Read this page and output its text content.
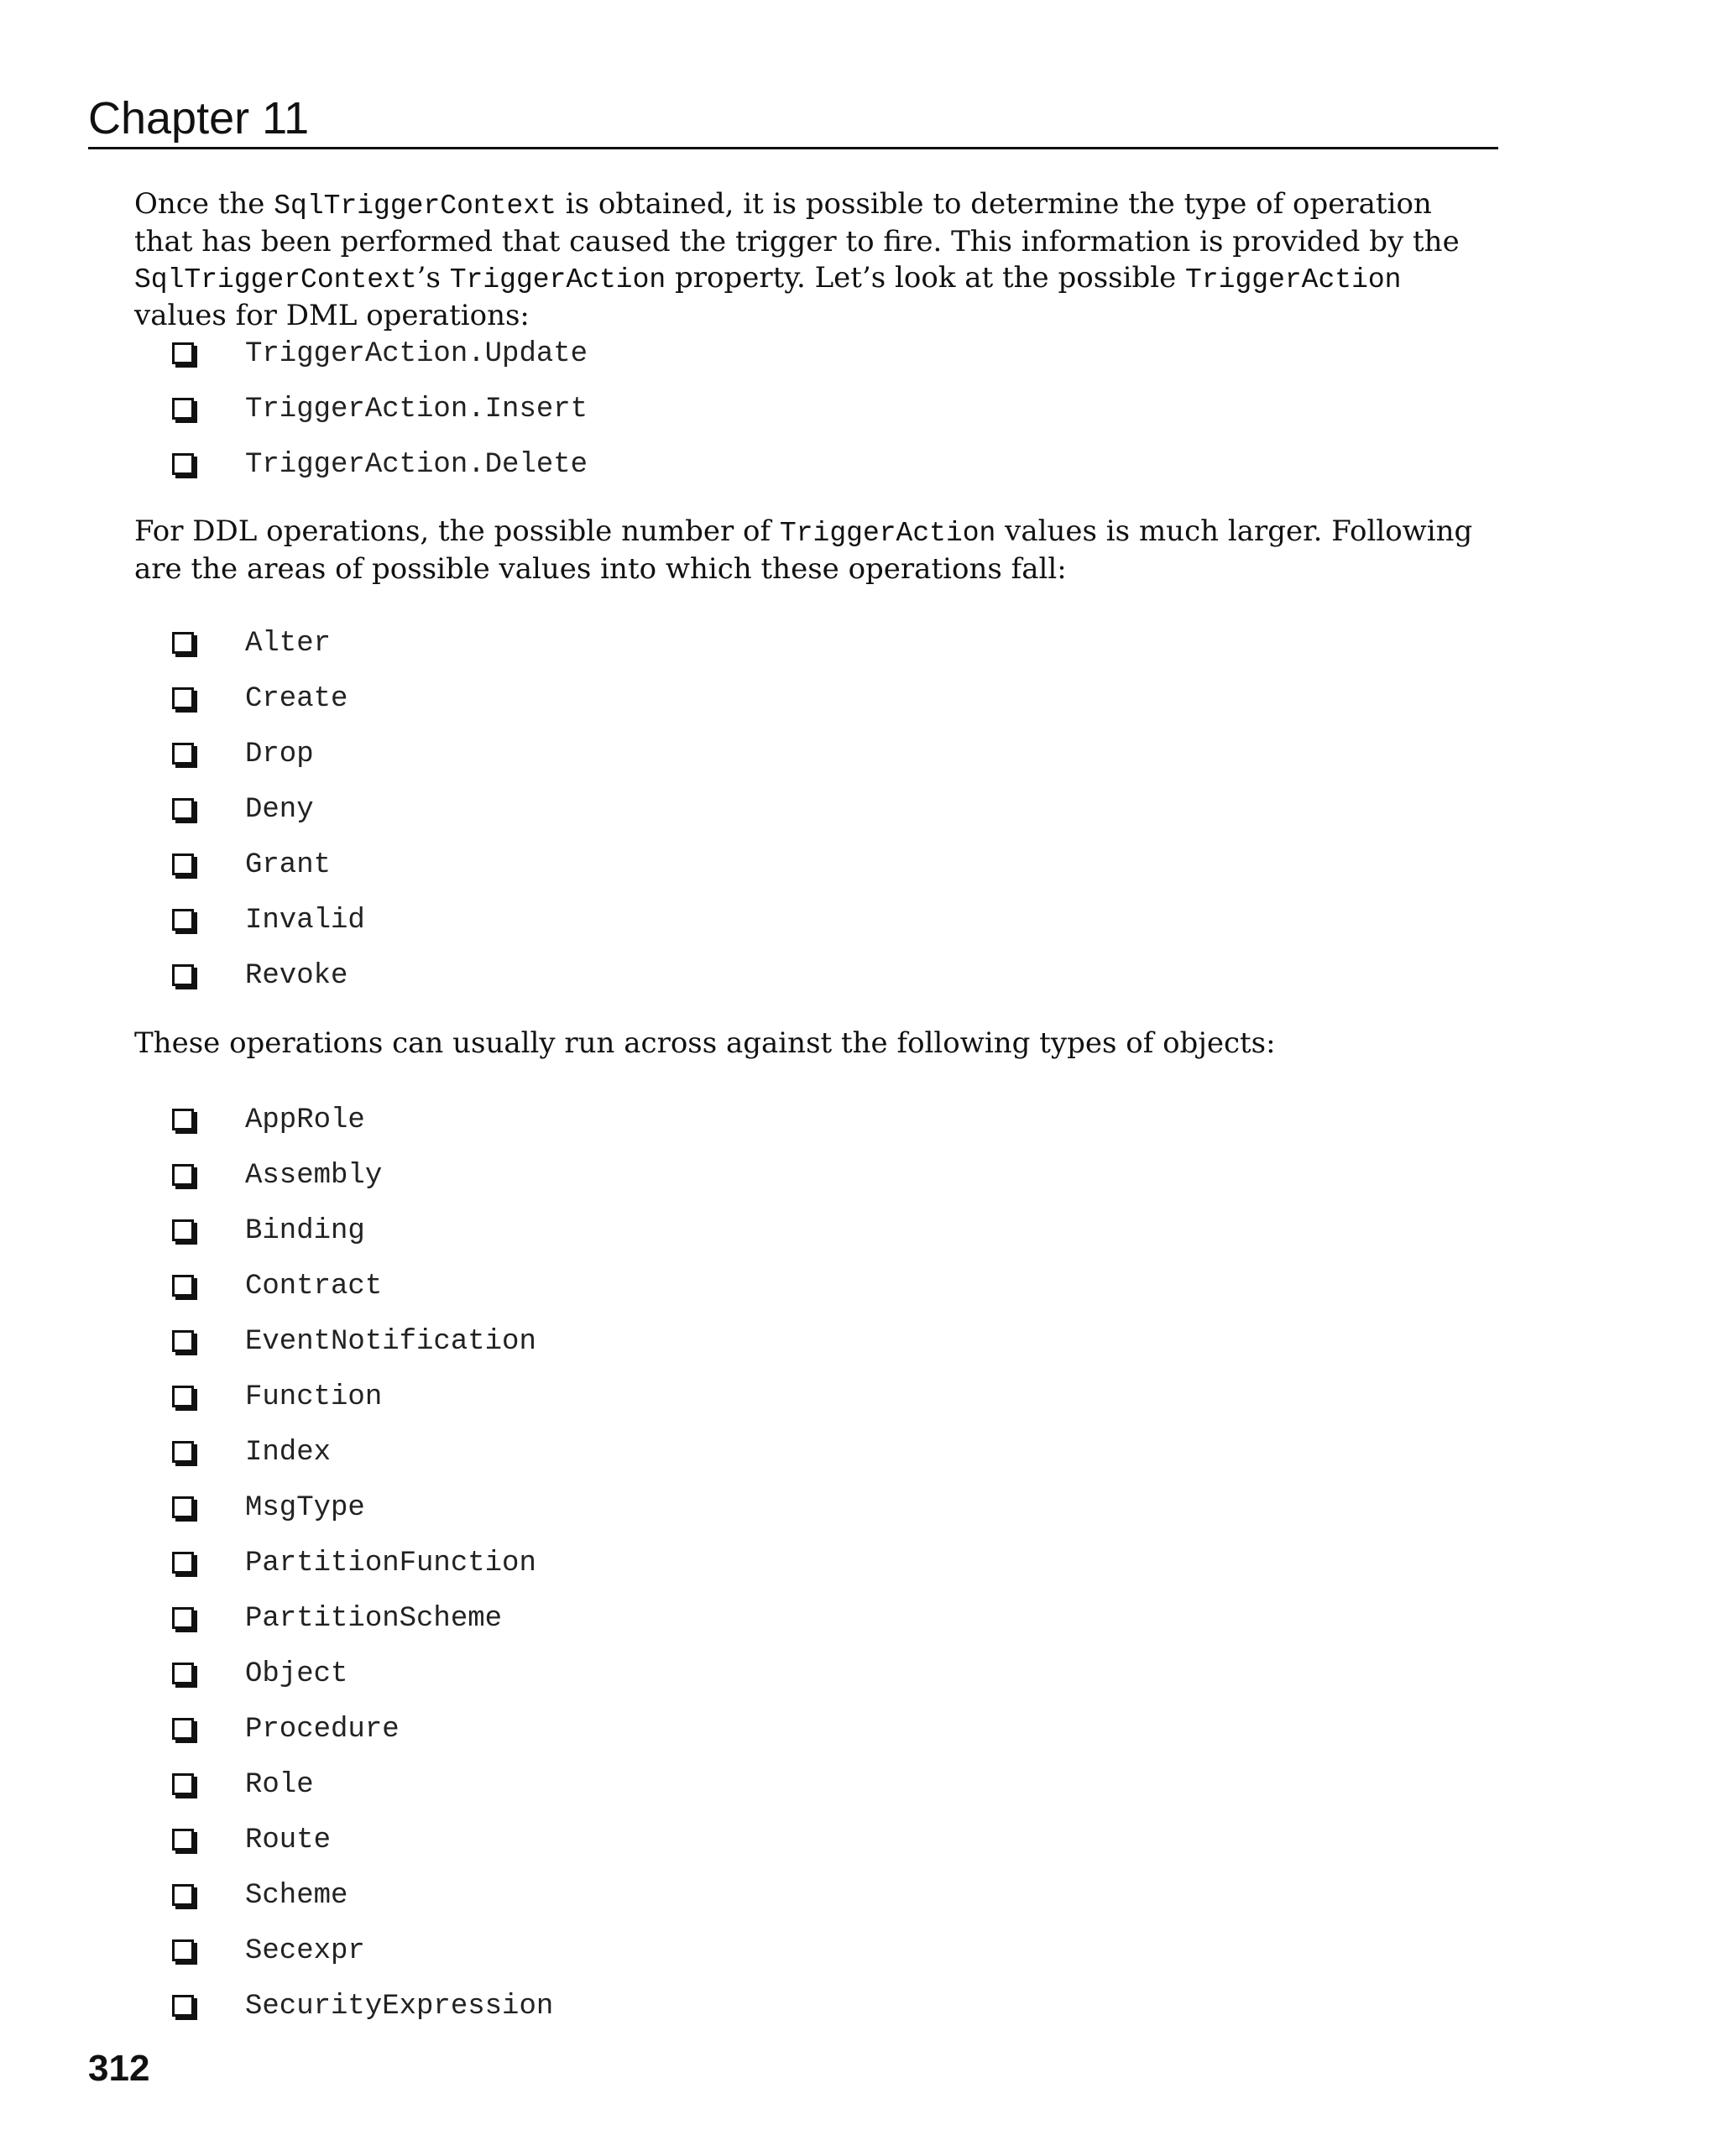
Chapter 11

Once the SqlTriggerContext is obtained, it is possible to determine the type of operation that has been performed that caused the trigger to fire. This information is provided by the SqlTriggerContext’s TriggerAction property. Let’s look at the possible TriggerAction values for DML operations:

TriggerAction.Update
TriggerAction.Insert
TriggerAction.Delete

For DDL operations, the possible number of TriggerAction values is much larger. Following are the areas of possible values into which these operations fall:

Alter
Create
Drop
Deny
Grant
Invalid
Revoke

These operations can usually run across against the following types of objects:

AppRole
Assembly
Binding
Contract
EventNotification
Function
Index
MsgType
PartitionFunction
PartitionScheme
Object
Procedure
Role
Route
Scheme
Secexpr
SecurityExpression
312
